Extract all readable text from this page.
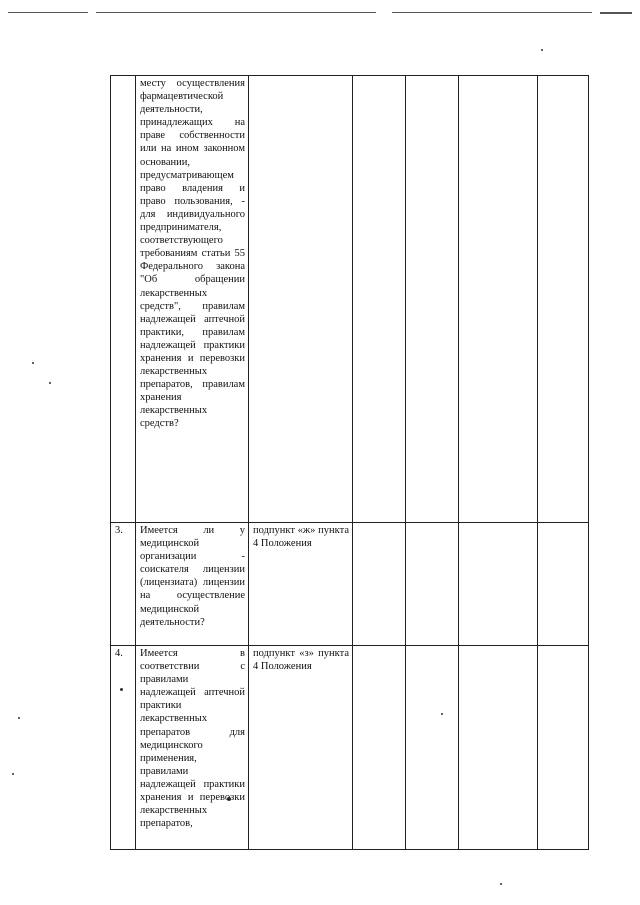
	месту осуществления фармацевтической деятельности, принадлежащих на праве собственности или на ином законном основании, предусматривающем право владения и право пользования, - для индивидуального предпринимателя, соответствующего требованиям статьи 55 Федерального закона "Об обращении лекарственных средств", правилам надлежащей аптечной практики, правилам надлежащей практики хранения и перевозки лекарственных препаратов, правилам хранения лекарственных средств?					
3.	Имеется ли у медицинской организации - соискателя лицензии (лицензиата) лицензии на осуществление медицинской деятельности?	подпункт «ж» пункта 4 Положения				
4.	Имеется в соответствии с правилами надлежащей аптечной практики лекарственных препаратов для медицинского применения, правилами надлежащей практики хранения и перевозки лекарственных препаратов,	подпункт «з» пункта 4 Положения				
